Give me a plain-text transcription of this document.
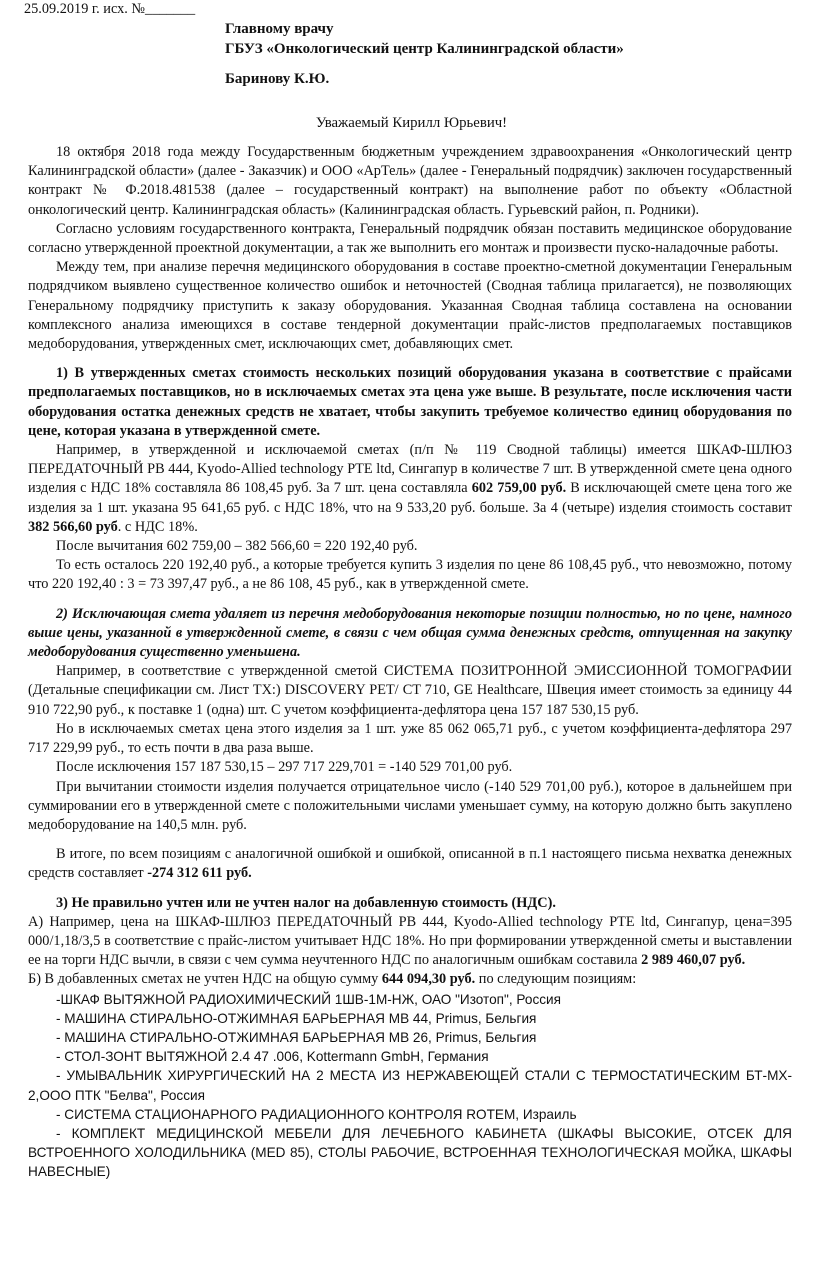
25.09.2019 г. исх. №_______
Главному врачу
ГБУЗ «Онкологический центр Калининградской области»
Баринову К.Ю.
Уважаемый Кирилл Юрьевич!

18 октября 2018 года между Государственным бюджетным учреждением здравоохранения «Онкологический центр Калининградской области» (далее - Заказчик) и ООО «АрТель» (далее - Генеральный подрядчик) заключен государственный контракт № Ф.2018.481538 (далее – государственный контракт) на выполнение работ по объекту «Областной онкологический центр. Калининградская область» (Калининградская область. Гурьевский район, п. Родники).

Согласно условиям государственного контракта, Генеральный подрядчик обязан поставить медицинское оборудование согласно утвержденной проектной документации, а так же выполнить его монтаж и произвести пуско-наладочные работы.

Между тем, при анализе перечня медицинского оборудования в составе проектно-сметной документации Генеральным подрядчиком выявлено существенное количество ошибок и неточностей (Сводная таблица прилагается), не позволяющих Генеральному подрядчику приступить к заказу оборудования. Указанная Сводная таблица составлена на основании комплексного анализа имеющихся в составе тендерной документации прайс-листов предполагаемых поставщиков медоборудования, утвержденных смет, исключающих смет, добавляющих смет.

1) В утвержденных сметах стоимость нескольких позиций оборудования указана в соответствие с прайсами предполагаемых поставщиков, но в исключаемых сметах эта цена уже выше. В результате, после исключения части оборудования остатка денежных средств не хватает, чтобы закупить требуемое количество единиц оборудования по цене, которая указана в утвержденной смете.

Например, в утвержденной и исключаемой сметах (п/п № 119 Сводной таблицы) имеется ШКАФ-ШЛЮЗ ПЕРЕДАТОЧНЫЙ РВ 444, Kyodo-Allied technology PTE ltd, Сингапур в количестве 7 шт. В утвержденной смете цена одного изделия с НДС 18% составляла 86 108,45 руб. За 7 шт. цена составляла 602 759,00 руб. В исключающей смете цена того же изделия за 1 шт. указана 95 641,65 руб. с НДС 18%, что на 9 533,20 руб. больше. За 4 (четыре) изделия стоимость составит 382 566,60 руб. с НДС 18%.

После вычитания 602 759,00 – 382 566,60 = 220 192,40 руб.

То есть осталось 220 192,40 руб., а которые требуется купить 3 изделия по цене 86 108,45 руб., что невозможно, потому что 220 192,40 : 3 = 73 397,47 руб., а не 86 108, 45 руб., как в утвержденной смете.

2) Исключающая смета удаляет из перечня медоборудования некоторые позиции полностью, но по цене, намного выше цены, указанной в утвержденной смете, в связи с чем общая сумма денежных средств, отпущенная на закупку медоборудования существенно уменьшена.

Например, в соответствие с утвержденной сметой СИСТЕМА ПОЗИТРОННОЙ ЭМИССИОННОЙ ТОМОГРАФИИ (Детальные спецификации см. Лист ТХ:) DISCOVERY PET/ CT 710, GE Healthcare, Швеция имеет стоимость за единицу 44 910 722,90 руб., к поставке 1 (одна) шт. С учетом коэффициента-дефлятора цена 157 187 530,15 руб.

Но в исключаемых сметах цена этого изделия за 1 шт. уже 85 062 065,71 руб., с учетом коэффициента-дефлятора 297 717 229,99 руб., то есть почти в два раза выше.

После исключения 157 187 530,15 – 297 717 229,701 = -140 529 701,00 руб.

При вычитании стоимости изделия получается отрицательное число (-140 529 701,00 руб.), которое в дальнейшем при суммировании его в утвержденной смете с положительными числами уменьшает сумму, на которую должно быть закуплено медоборудование на 140,5 млн. руб.

В итоге, по всем позициям с аналогичной ошибкой и ошибкой, описанной в п.1 настоящего письма нехватка денежных средств составляет -274 312 611 руб.

3) Не правильно учтен или не учтен налог на добавленную стоимость (НДС).

А) Например, цена на ШКАФ-ШЛЮЗ ПЕРЕДАТОЧНЫЙ РВ 444, Kyodo-Allied technology PTE ltd, Сингапур, цена=395 000/1,18/3,5 в соответствие с прайс-листом учитывает НДС 18%. Но при формировании утвержденной сметы и выставлении ее на торги НДС вычли, в связи с чем сумма неучтенного НДС по аналогичным ошибкам составила 2 989 460,07 руб.

Б) В добавленных сметах не учтен НДС на общую сумму 644 094,30 руб. по следующим позициям:

-ШКАФ ВЫТЯЖНОЙ РАДИОХИМИЧЕСКИЙ 1ШВ-1М-НЖ, ОАО "Изотоп", Россия

- МАШИНА СТИРАЛЬНО-ОТЖИМНАЯ БАРЬЕРНАЯ МВ 44, Primus, Бельгия

- МАШИНА СТИРАЛЬНО-ОТЖИМНАЯ БАРЬЕРНАЯ МВ 26, Primus, Бельгия

- СТОЛ-ЗОНТ ВЫТЯЖНОЙ 2.4 47 .006, Kottermann GmbH, Германия

- УМЫВАЛЬНИК ХИРУРГИЧЕСКИЙ НА 2 МЕСТА ИЗ НЕРЖАВЕЮЩЕЙ СТАЛИ С ТЕРМОСТАТИЧЕСКИМ БТ-МХ- 2,ООО ПТК "Белва", Россия

- СИСТЕМА СТАЦИОНАРНОГО РАДИАЦИОННОГО КОНТРОЛЯ ROTEM, Израиль

- КОМПЛЕКТ МЕДИЦИНСКОЙ МЕБЕЛИ ДЛЯ ЛЕЧЕБНОГО КАБИНЕТА (ШКАФЫ ВЫСОКИЕ, ОТСЕК ДЛЯ ВСТРОЕННОГО ХОЛОДИЛЬНИКА (MED 85), СТОЛЫ РАБОЧИЕ, ВСТРОЕННАЯ ТЕХНОЛОГИЧЕСКАЯ МОЙКА, ШКАФЫ НАВЕСНЫЕ)
